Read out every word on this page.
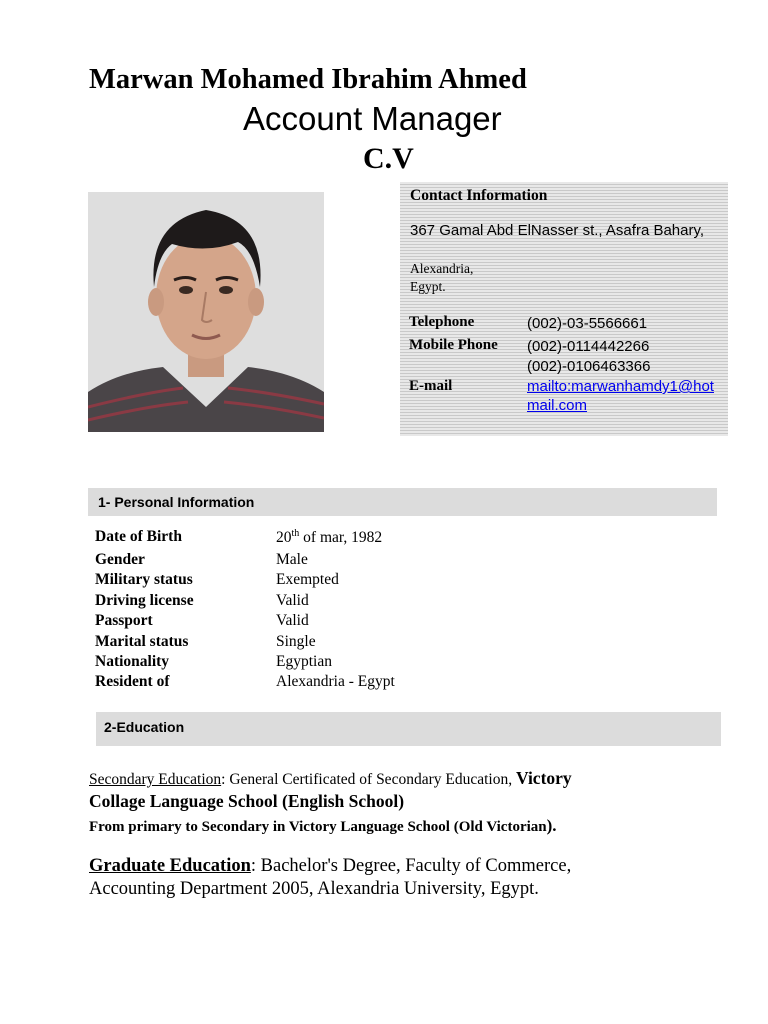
Marwan Mohamed Ibrahim Ahmed
Account Manager
C.V
Contact Information
367 Gamal Abd ElNasser st., Asafra Bahary,
Alexandria,
Egypt.
Telephone	(002)-03-5566661
Mobile Phone (002)-0114442266
(002)-0106463366
E-mail	mailto:marwanhamdy1@hotmail.com
1- Personal Information
Date of Birth	20th of mar, 1982
Gender	Male
Military status	Exempted
Driving license	Valid
Passport	Valid
Marital status	Single
Nationality	Egyptian
Resident of	Alexandria - Egypt
2-Education
Secondary Education: General Certificated of Secondary Education, Victory
Collage Language School (English School)
From primary to Secondary in Victory Language School (Old Victorian).
Graduate Education: Bachelor's Degree, Faculty of Commerce,
Accounting Department 2005, Alexandria University, Egypt.
